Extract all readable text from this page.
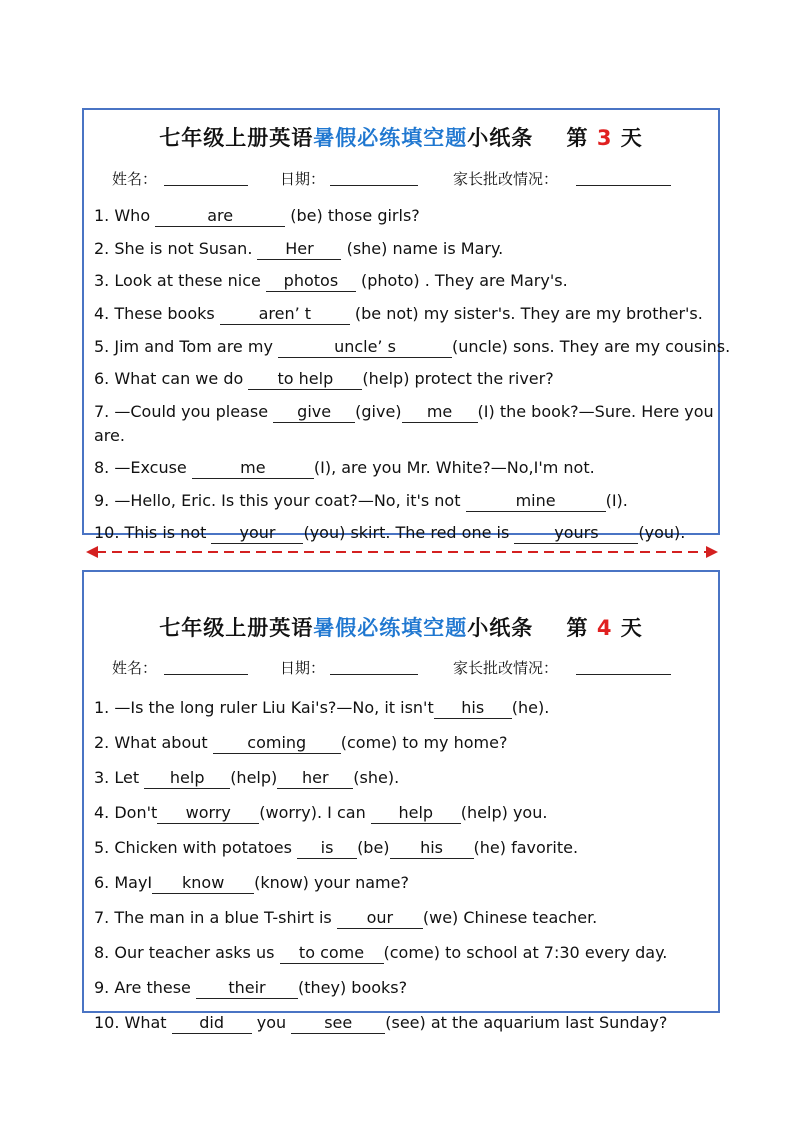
七年级上册英语暑假必练填空题小纸条 第 3 天
姓名：	日期：	家长批改情况：
1. Who	are	(be) those girls?
2. She is not Susan. Her (she) name is Mary.
3. Look at these nice photos (photo) . They are Mary's.
4. These books aren’ t (be not) my sister's. They are my brother's.
5. Jim and Tom are my	uncle’ s	(uncle) sons. They are my cousins.
6. What can we do to help (help) protect the river?
7. —Could you please give (give) me (I) the book?—Sure. Here you are.
8. —Excuse	me	(I), are you Mr. White?—No,I'm not.
9. —Hello, Eric. Is this your coat?—No, it's not	mine	(I).
10. This is not your (you) skirt. The red one is yours (you).
七年级上册英语暑假必练填空题小纸条 第 4 天
姓名：	日期：	家长批改情况：
1. —Is the long ruler Liu Kai's?—No, it isn't his (he).
2. What about coming (come) to my home?
3. Let help (help) her (she).
4. Don't worry (worry). I can help (help) you.
5. Chicken with potatoes is (be) his (he) favorite.
6. MayI know (know) your name?
7. The man in a blue T-shirt is our (we) Chinese teacher.
8. Our teacher asks us to come (come) to school at 7:30 every day.
9. Are these their (they) books?
10. What did you see (see) at the aquarium last Sunday?
